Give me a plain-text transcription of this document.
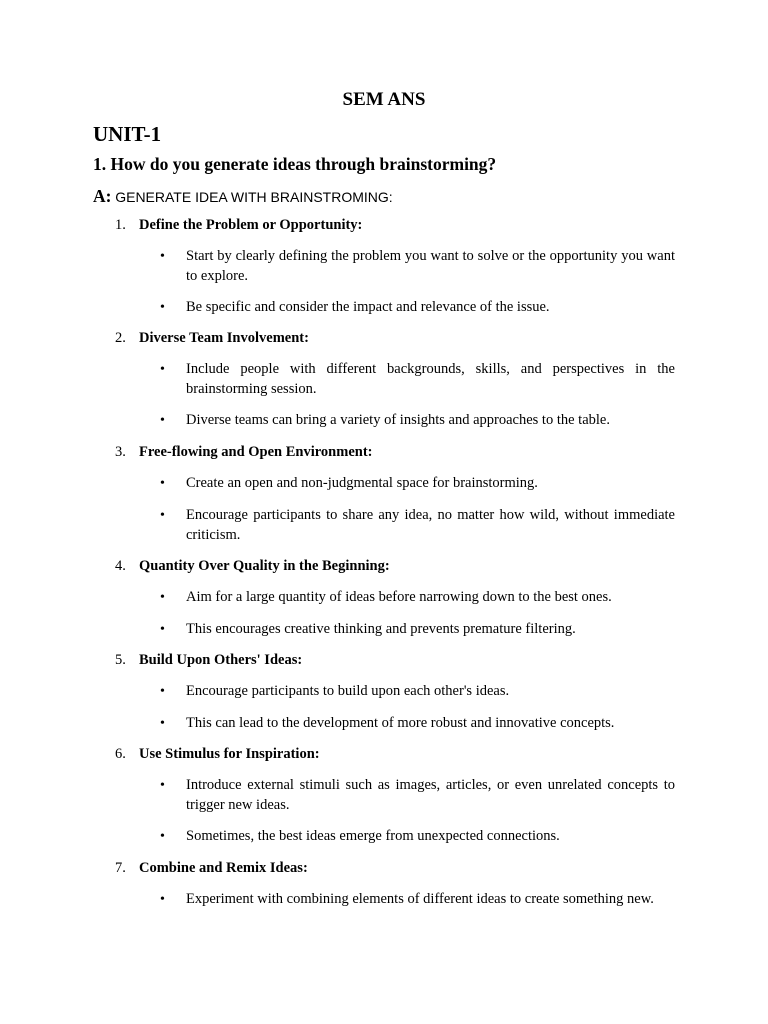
SEM ANS
UNIT-1
1. How do you generate ideas through brainstorming?
A: GENERATE IDEA WITH BRAINSTROMING:
1. Define the Problem or Opportunity:
• Start by clearly defining the problem you want to solve or the opportunity you want to explore.
• Be specific and consider the impact and relevance of the issue.
2. Diverse Team Involvement:
• Include people with different backgrounds, skills, and perspectives in the brainstorming session.
• Diverse teams can bring a variety of insights and approaches to the table.
3. Free-flowing and Open Environment:
• Create an open and non-judgmental space for brainstorming.
• Encourage participants to share any idea, no matter how wild, without immediate criticism.
4. Quantity Over Quality in the Beginning:
• Aim for a large quantity of ideas before narrowing down to the best ones.
• This encourages creative thinking and prevents premature filtering.
5. Build Upon Others' Ideas:
• Encourage participants to build upon each other's ideas.
• This can lead to the development of more robust and innovative concepts.
6. Use Stimulus for Inspiration:
• Introduce external stimuli such as images, articles, or even unrelated concepts to trigger new ideas.
• Sometimes, the best ideas emerge from unexpected connections.
7. Combine and Remix Ideas:
• Experiment with combining elements of different ideas to create something new.
